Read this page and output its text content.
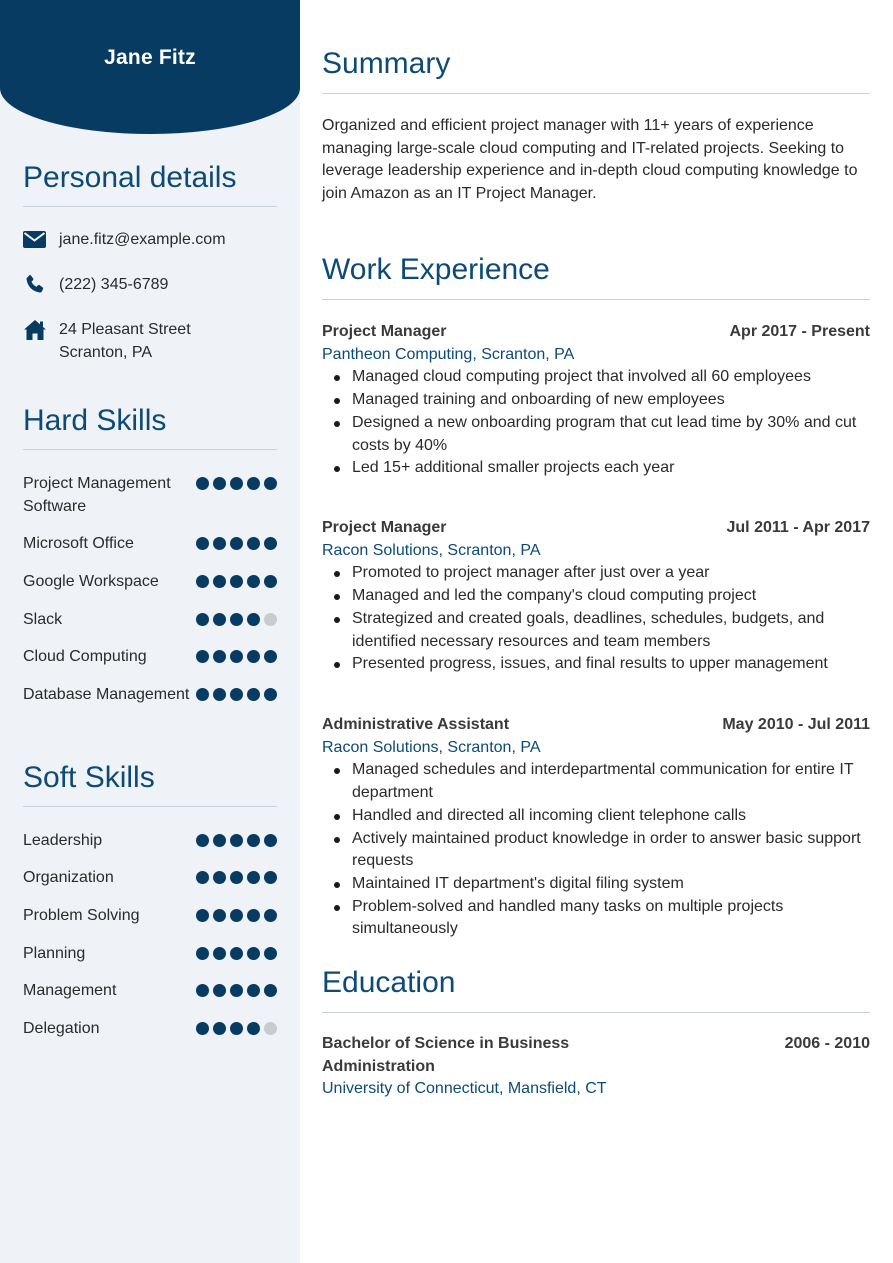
Jane Fitz
Personal details
jane.fitz@example.com
(222) 345-6789
24 Pleasant Street
Scranton, PA
Hard Skills
Project Management Software
Microsoft Office
Google Workspace
Slack
Cloud Computing
Database Management
Soft Skills
Leadership
Organization
Problem Solving
Planning
Management
Delegation
Summary
Organized and efficient project manager with 11+ years of experience managing large-scale cloud computing and IT-related projects. Seeking to leverage leadership experience and in-depth cloud computing knowledge to join Amazon as an IT Project Manager.
Work Experience
Project Manager	Apr 2017 - Present
Pantheon Computing, Scranton, PA
Managed cloud computing project that involved all 60 employees
Managed training and onboarding of new employees
Designed a new onboarding program that cut lead time by 30% and cut costs by 40%
Led 15+ additional smaller projects each year
Project Manager	Jul 2011 - Apr 2017
Racon Solutions, Scranton, PA
Promoted to project manager after just over a year
Managed and led the company's cloud computing project
Strategized and created goals, deadlines, schedules, budgets, and identified necessary resources and team members
Presented progress, issues, and final results to upper management
Administrative Assistant	May 2010 - Jul 2011
Racon Solutions, Scranton, PA
Managed schedules and interdepartmental communication for entire IT department
Handled and directed all incoming client telephone calls
Actively maintained product knowledge in order to answer basic support requests
Maintained IT department's digital filing system
Problem-solved and handled many tasks on multiple projects simultaneously
Education
Bachelor of Science in Business Administration
2006 - 2010
University of Connecticut, Mansfield, CT
